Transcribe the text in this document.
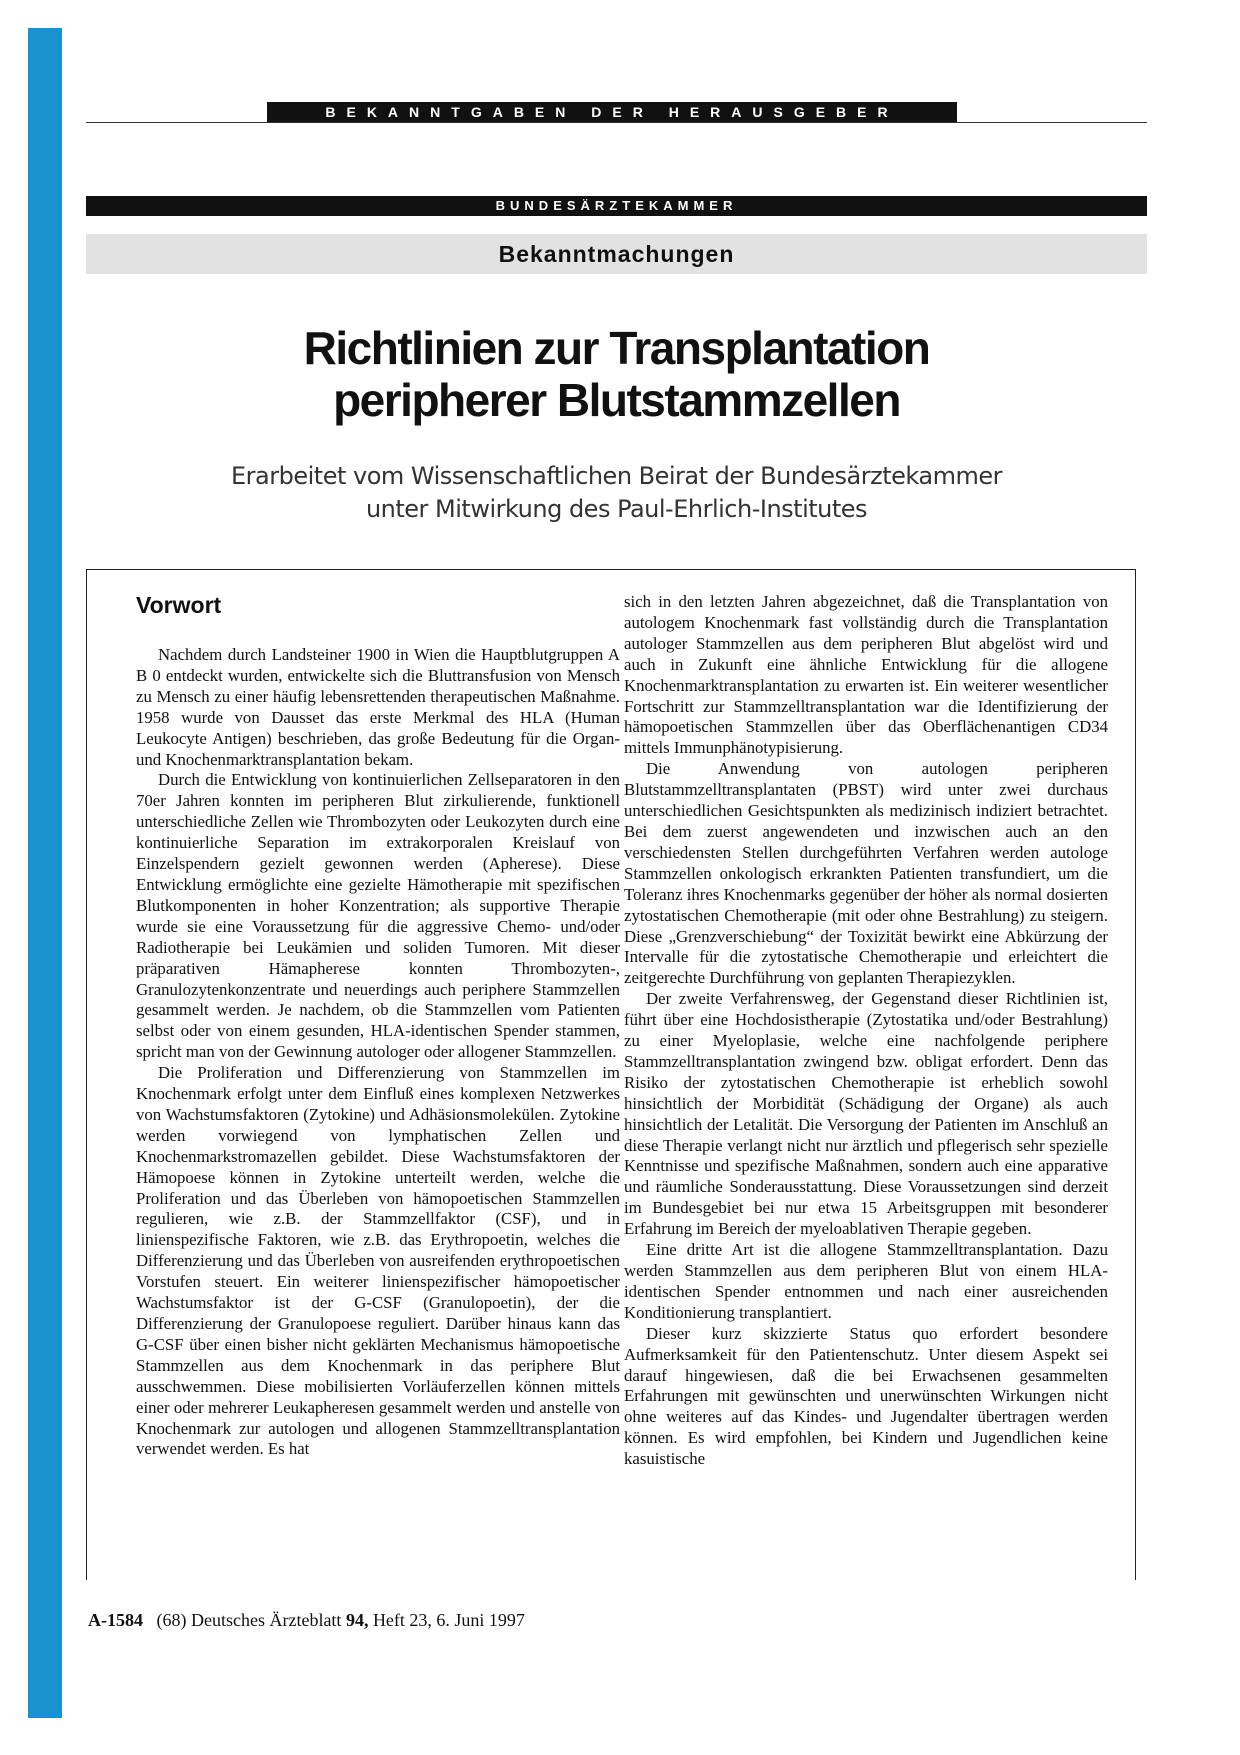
BEKANNTGABEN DER HERAUSGEBER
BUNDESÄRZTEKAMMER
Bekanntmachungen
Richtlinien zur Transplantation
peripherer Blutstammzellen
Erarbeitet vom Wissenschaftlichen Beirat der Bundesärztekammer
unter Mitwirkung des Paul-Ehrlich-Institutes
Vorwort

Nachdem durch Landsteiner 1900 in Wien die Hauptblutgruppen A B 0 entdeckt wurden, entwickelte sich die Bluttransfusion von Mensch zu Mensch zu einer häufig lebensrettenden therapeutischen Maßnahme. 1958 wurde von Dausset das erste Merkmal des HLA (Human Leukocyte Antigen) beschrieben, das große Bedeutung für die Organ- und Knochenmarktransplantation bekam.

Durch die Entwicklung von kontinuierlichen Zellseparatoren in den 70er Jahren konnten im peripheren Blut zirkulierende, funktionell unterschiedliche Zellen wie Thrombozyten oder Leukozyten durch eine kontinuierliche Separation im extrakorporalen Kreislauf von Einzelspendern gezielt gewonnen werden (Apherese). Diese Entwicklung ermöglichte eine gezielte Hämotherapie mit spezifischen Blutkomponenten in hoher Konzentration; als supportive Therapie wurde sie eine Voraussetzung für die aggressive Chemo- und/oder Radiotherapie bei Leukämien und soliden Tumoren. Mit dieser präparativen Hämapherese konnten Thrombozyten-, Granulozytenkonzentrate und neuerdings auch periphere Stammzellen gesammelt werden. Je nachdem, ob die Stammzellen vom Patienten selbst oder von einem gesunden, HLA-identischen Spender stammen, spricht man von der Gewinnung autologer oder allogener Stammzellen.

Die Proliferation und Differenzierung von Stammzellen im Knochenmark erfolgt unter dem Einfluß eines komplexen Netzwerkes von Wachstumsfaktoren (Zytokine) und Adhäsionsmolekülen. Zytokine werden vorwiegend von lymphatischen Zellen und Knochenmarkstromazellen gebildet. Diese Wachstumsfaktoren der Hämopoese können in Zytokine unterteilt werden, welche die Proliferation und das Überleben von hämopoetischen Stammzellen regulieren, wie z.B. der Stammzellfaktor (CSF), und in linienspezifische Faktoren, wie z.B. das Erythropoetin, welches die Differenzierung und das Überleben von ausreifenden erythropoetischen Vorstufen steuert. Ein weiterer linienspezifischer hämopoetischer Wachstumsfaktor ist der G-CSF (Granulopoetin), der die Differenzierung der Granulopoese reguliert. Darüber hinaus kann das G-CSF über einen bisher nicht geklärten Mechanismus hämopoetische Stammzellen aus dem Knochenmark in das periphere Blut ausschwemmen. Diese mobilisierten Vorläuferzellen können mittels einer oder mehrerer Leukapheresen gesammelt werden und anstelle von Knochenmark zur autologen und allogenen Stammzelltransplantation verwendet werden. Es hat

sich in den letzten Jahren abgezeichnet, daß die Transplantation von autologem Knochenmark fast vollständig durch die Transplantation autologer Stammzellen aus dem peripheren Blut abgelöst wird und auch in Zukunft eine ähnliche Entwicklung für die allogene Knochenmarktransplantation zu erwarten ist. Ein weiterer wesentlicher Fortschritt zur Stammzelltransplantation war die Identifizierung der hämopoetischen Stammzellen über das Oberflächenantigen CD34 mittels Immunphänotypisierung.

Die Anwendung von autologen peripheren Blutstammzelltransplantaten (PBST) wird unter zwei durchaus unterschiedlichen Gesichtspunkten als medizinisch indiziert betrachtet. Bei dem zuerst angewendeten und inzwischen auch an den verschiedensten Stellen durchgeführten Verfahren werden autologe Stammzellen onkologisch erkrankten Patienten transfundiert, um die Toleranz ihres Knochenmarks gegenüber der höher als normal dosierten zytostatischen Chemotherapie (mit oder ohne Bestrahlung) zu steigern. Diese „Grenzverschiebung“ der Toxizität bewirkt eine Abkürzung der Intervalle für die zytostatische Chemotherapie und erleichtert die zeitgerechte Durchführung von geplanten Therapiezyklen.

Der zweite Verfahrensweg, der Gegenstand dieser Richtlinien ist, führt über eine Hochdosistherapie (Zytostatika und/oder Bestrahlung) zu einer Myeloplasie, welche eine nachfolgende periphere Stammzelltransplantation zwingend bzw. obligat erfordert. Denn das Risiko der zytostatischen Chemotherapie ist erheblich sowohl hinsichtlich der Morbidität (Schädigung der Organe) als auch hinsichtlich der Letalität. Die Versorgung der Patienten im Anschluß an diese Therapie verlangt nicht nur ärztlich und pflegerisch sehr spezielle Kenntnisse und spezifische Maßnahmen, sondern auch eine apparative und räumliche Sonderausstattung. Diese Voraussetzungen sind derzeit im Bundesgebiet bei nur etwa 15 Arbeitsgruppen mit besonderer Erfahrung im Bereich der myeloablativen Therapie gegeben.

Eine dritte Art ist die allogene Stammzelltransplantation. Dazu werden Stammzellen aus dem peripheren Blut von einem HLA-identischen Spender entnommen und nach einer ausreichenden Konditionierung transplantiert.

Dieser kurz skizzierte Status quo erfordert besondere Aufmerksamkeit für den Patientenschutz. Unter diesem Aspekt sei darauf hingewiesen, daß die bei Erwachsenen gesammelten Erfahrungen mit gewünschten und unerwünschten Wirkungen nicht ohne weiteres auf das Kindes- und Jugendalter übertragen werden können. Es wird empfohlen, bei Kindern und Jugendlichen keine kasuistische

A-1584 (68) Deutsches Ärzteblatt 94, Heft 23, 6. Juni 1997
